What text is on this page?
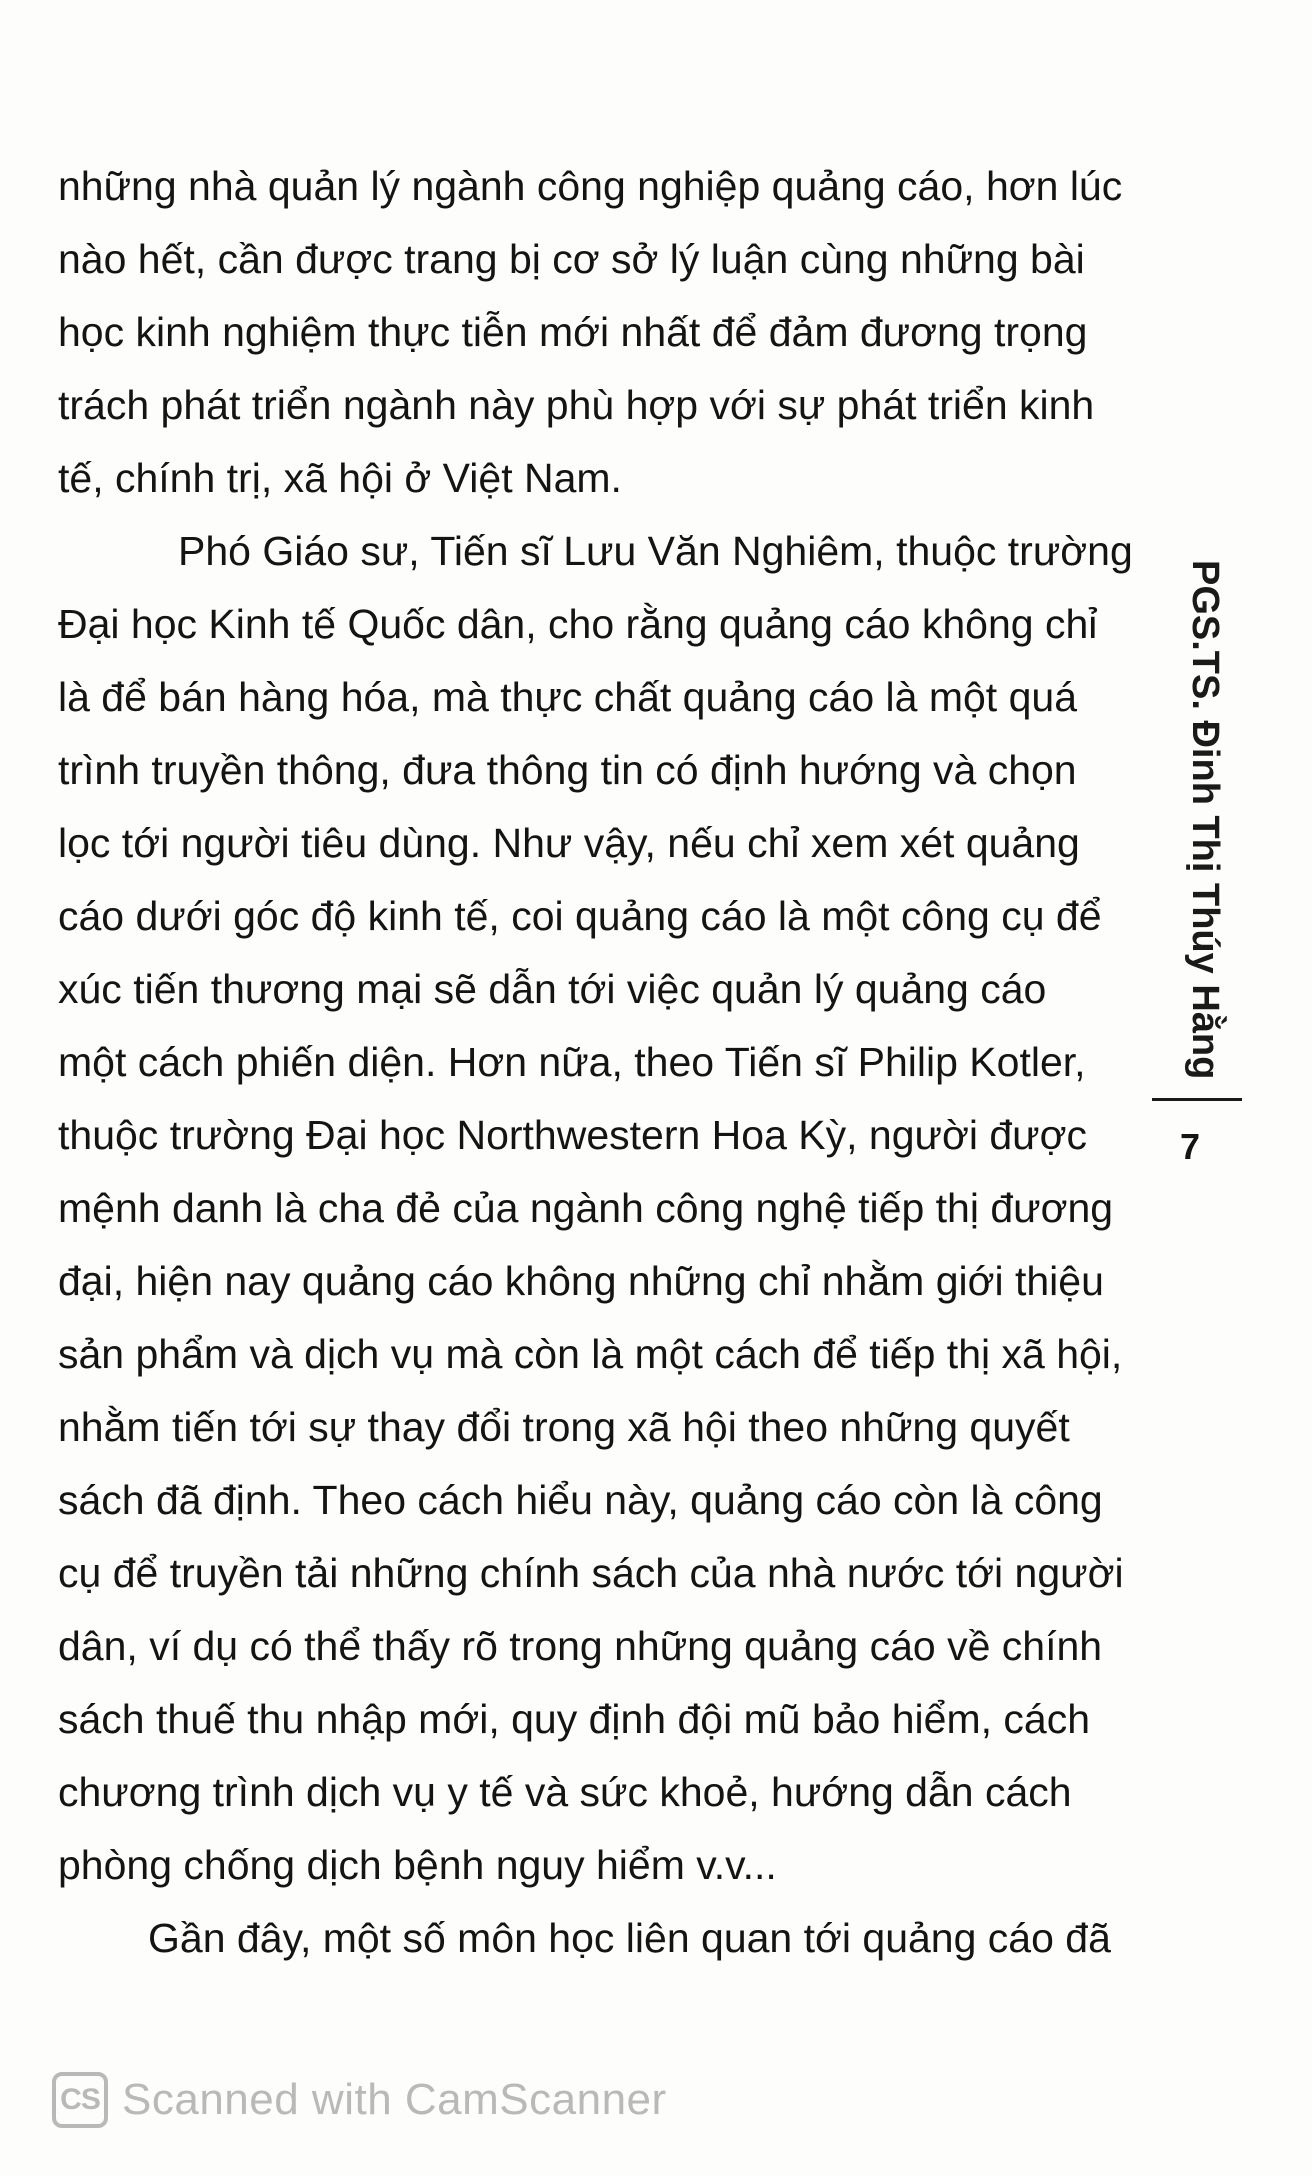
những nhà quản lý ngành công nghiệp quảng cáo, hơn lúc
nào hết, cần được trang bị cơ sở lý luận cùng những bài
học kinh nghiệm thực tiễn mới nhất để đảm đương trọng
trách phát triển ngành này phù hợp với sự phát triển kinh
tế, chính trị, xã hội ở Việt Nam.
Phó Giáo sư, Tiến sĩ Lưu Văn Nghiêm, thuộc trường
Đại học Kinh tế Quốc dân, cho rằng quảng cáo không chỉ
là để bán hàng hóa, mà thực chất quảng cáo là một quá
trình truyền thông, đưa thông tin có định hướng và chọn
lọc tới người tiêu dùng. Như vậy, nếu chỉ xem xét quảng
cáo dưới góc độ kinh tế, coi quảng cáo là một công cụ để
xúc tiến thương mại sẽ dẫn tới việc quản lý quảng cáo
một cách phiến diện. Hơn nữa, theo Tiến sĩ Philip Kotler,
thuộc trường Đại học Northwestern Hoa Kỳ, người được
mệnh danh là cha đẻ của ngành công nghệ tiếp thị đương
đại, hiện nay quảng cáo không những chỉ nhằm giới thiệu
sản phẩm và dịch vụ mà còn là một cách để tiếp thị xã hội,
nhằm tiến tới sự thay đổi trong xã hội theo những quyết
sách đã định. Theo cách hiểu này, quảng cáo còn là công
cụ để truyền tải những chính sách của nhà nước tới người
dân, ví dụ có thể thấy rõ trong những quảng cáo về chính
sách thuế thu nhập mới, quy định đội mũ bảo hiểm, cách
chương trình dịch vụ y tế và sức khoẻ, hướng dẫn cách
phòng chống dịch bệnh nguy hiểm v.v...
Gần đây, một số môn học liên quan tới quảng cáo đã
PGS.TS. Đinh Thị Thúy Hằng
7
CS Scanned with CamScanner
